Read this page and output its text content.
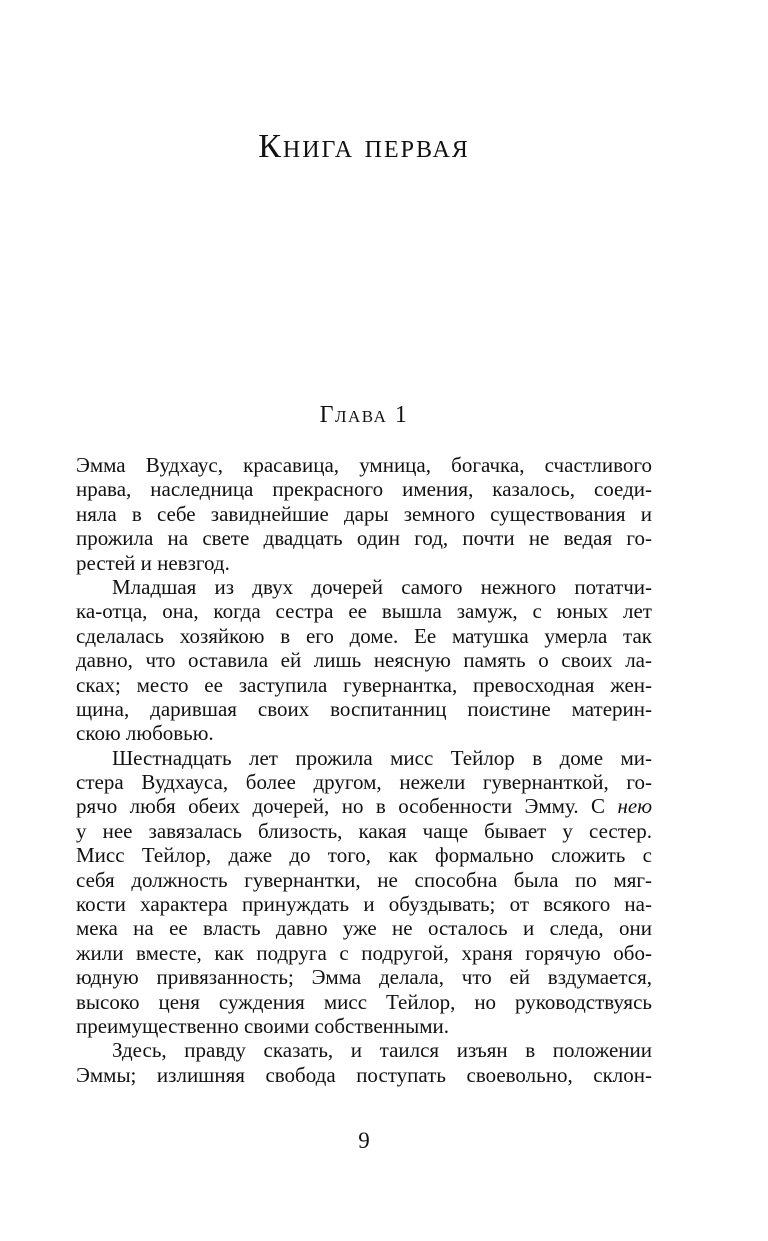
Книга первая
Глава 1
Эмма Вудхаус, красавица, умница, богачка, счастливого
нрава, наследница прекрасного имения, казалось, соеди-
няла в себе завиднейшие дары земного существования и
прожила на свете двадцать один год, почти не ведая го-
рестей и невзгод.
Младшая из двух дочерей самого нежного потатчи-
ка-отца, она, когда сестра ее вышла замуж, с юных лет
сделалась хозяйкою в его доме. Ее матушка умерла так
давно, что оставила ей лишь неясную память о своих ла-
сках; место ее заступила гувернантка, превосходная жен-
щина, дарившая своих воспитанниц поистине материн-
скою любовью.
Шестнадцать лет прожила мисс Тейлор в доме ми-
стера Вудхауса, более другом, нежели гувернанткой, го-
рячо любя обеих дочерей, но в особенности Эмму. С нею
у нее завязалась близость, какая чаще бывает у сестер.
Мисс Тейлор, даже до того, как формально сложить с
себя должность гувернантки, не способна была по мяг-
кости характера принуждать и обуздывать; от всякого на-
мека на ее власть давно уже не осталось и следа, они
жили вместе, как подруга с подругой, храня горячую обо-
юдную привязанность; Эмма делала, что ей вздумается,
высоко ценя суждения мисс Тейлор, но руководствуясь
преимущественно своими собственными.
Здесь, правду сказать, и таился изъян в положении
Эммы; излишняя свобода поступать своевольно, склон-
9
